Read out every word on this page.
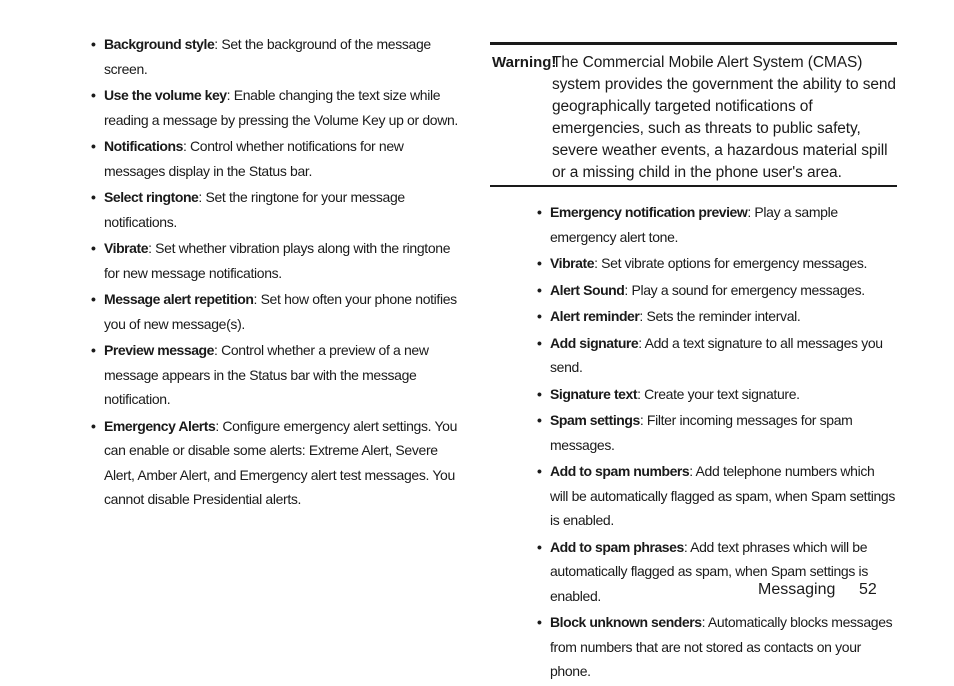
• Background style: Set the background of the message screen.
• Use the volume key: Enable changing the text size while reading a message by pressing the Volume Key up or down.
• Notifications: Control whether notifications for new messages display in the Status bar.
• Select ringtone: Set the ringtone for your message notifications.
• Vibrate: Set whether vibration plays along with the ringtone for new message notifications.
• Message alert repetition: Set how often your phone notifies you of new message(s).
• Preview message: Control whether a preview of a new message appears in the Status bar with the message notification.
• Emergency Alerts: Configure emergency alert settings. You can enable or disable some alerts: Extreme Alert, Severe Alert, Amber Alert, and Emergency alert test messages. You cannot disable Presidential alerts.
Warning!
The Commercial Mobile Alert System (CMAS) system provides the government the ability to send geographically targeted notifications of emergencies, such as threats to public safety, severe weather events, a hazardous material spill or a missing child in the phone user's area.
• Emergency notification preview: Play a sample emergency alert tone.
• Vibrate: Set vibrate options for emergency messages.
• Alert Sound: Play a sound for emergency messages.
• Alert reminder: Sets the reminder interval.
• Add signature: Add a text signature to all messages you send.
• Signature text: Create your text signature.
• Spam settings: Filter incoming messages for spam messages.
• Add to spam numbers: Add telephone numbers which will be automatically flagged as spam, when Spam settings is enabled.
• Add to spam phrases: Add text phrases which will be automatically flagged as spam, when Spam settings is enabled.
• Block unknown senders: Automatically blocks messages from numbers that are not stored as contacts on your phone.
Messaging 52
